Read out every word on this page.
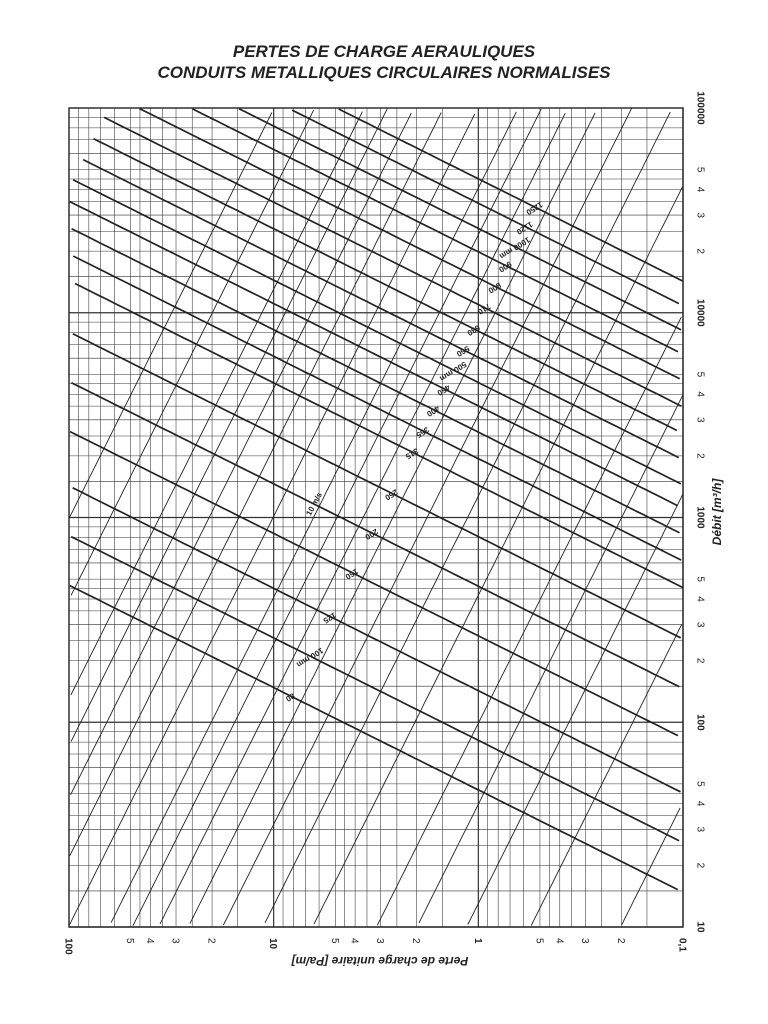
PERTES DE CHARGE AERAULIQUES
CONDUITS METALLIQUES CIRCULAIRES NORMALISES
10 m/s
80
100 mm
125
160
200
250
315
355
400
450
500 mm
560
630
710
800
900
1000 mm
1120
1250
100	5 4 3	2	10	5 4 3	2	1	5 4 3	2	0,1
100000
5
4
3
2
10000
5
4
3
2
1000
5
4
3
2
100
5
4
3
2
10
Perte de charge unitaire [Pa/m]
Débit [m³/h]
